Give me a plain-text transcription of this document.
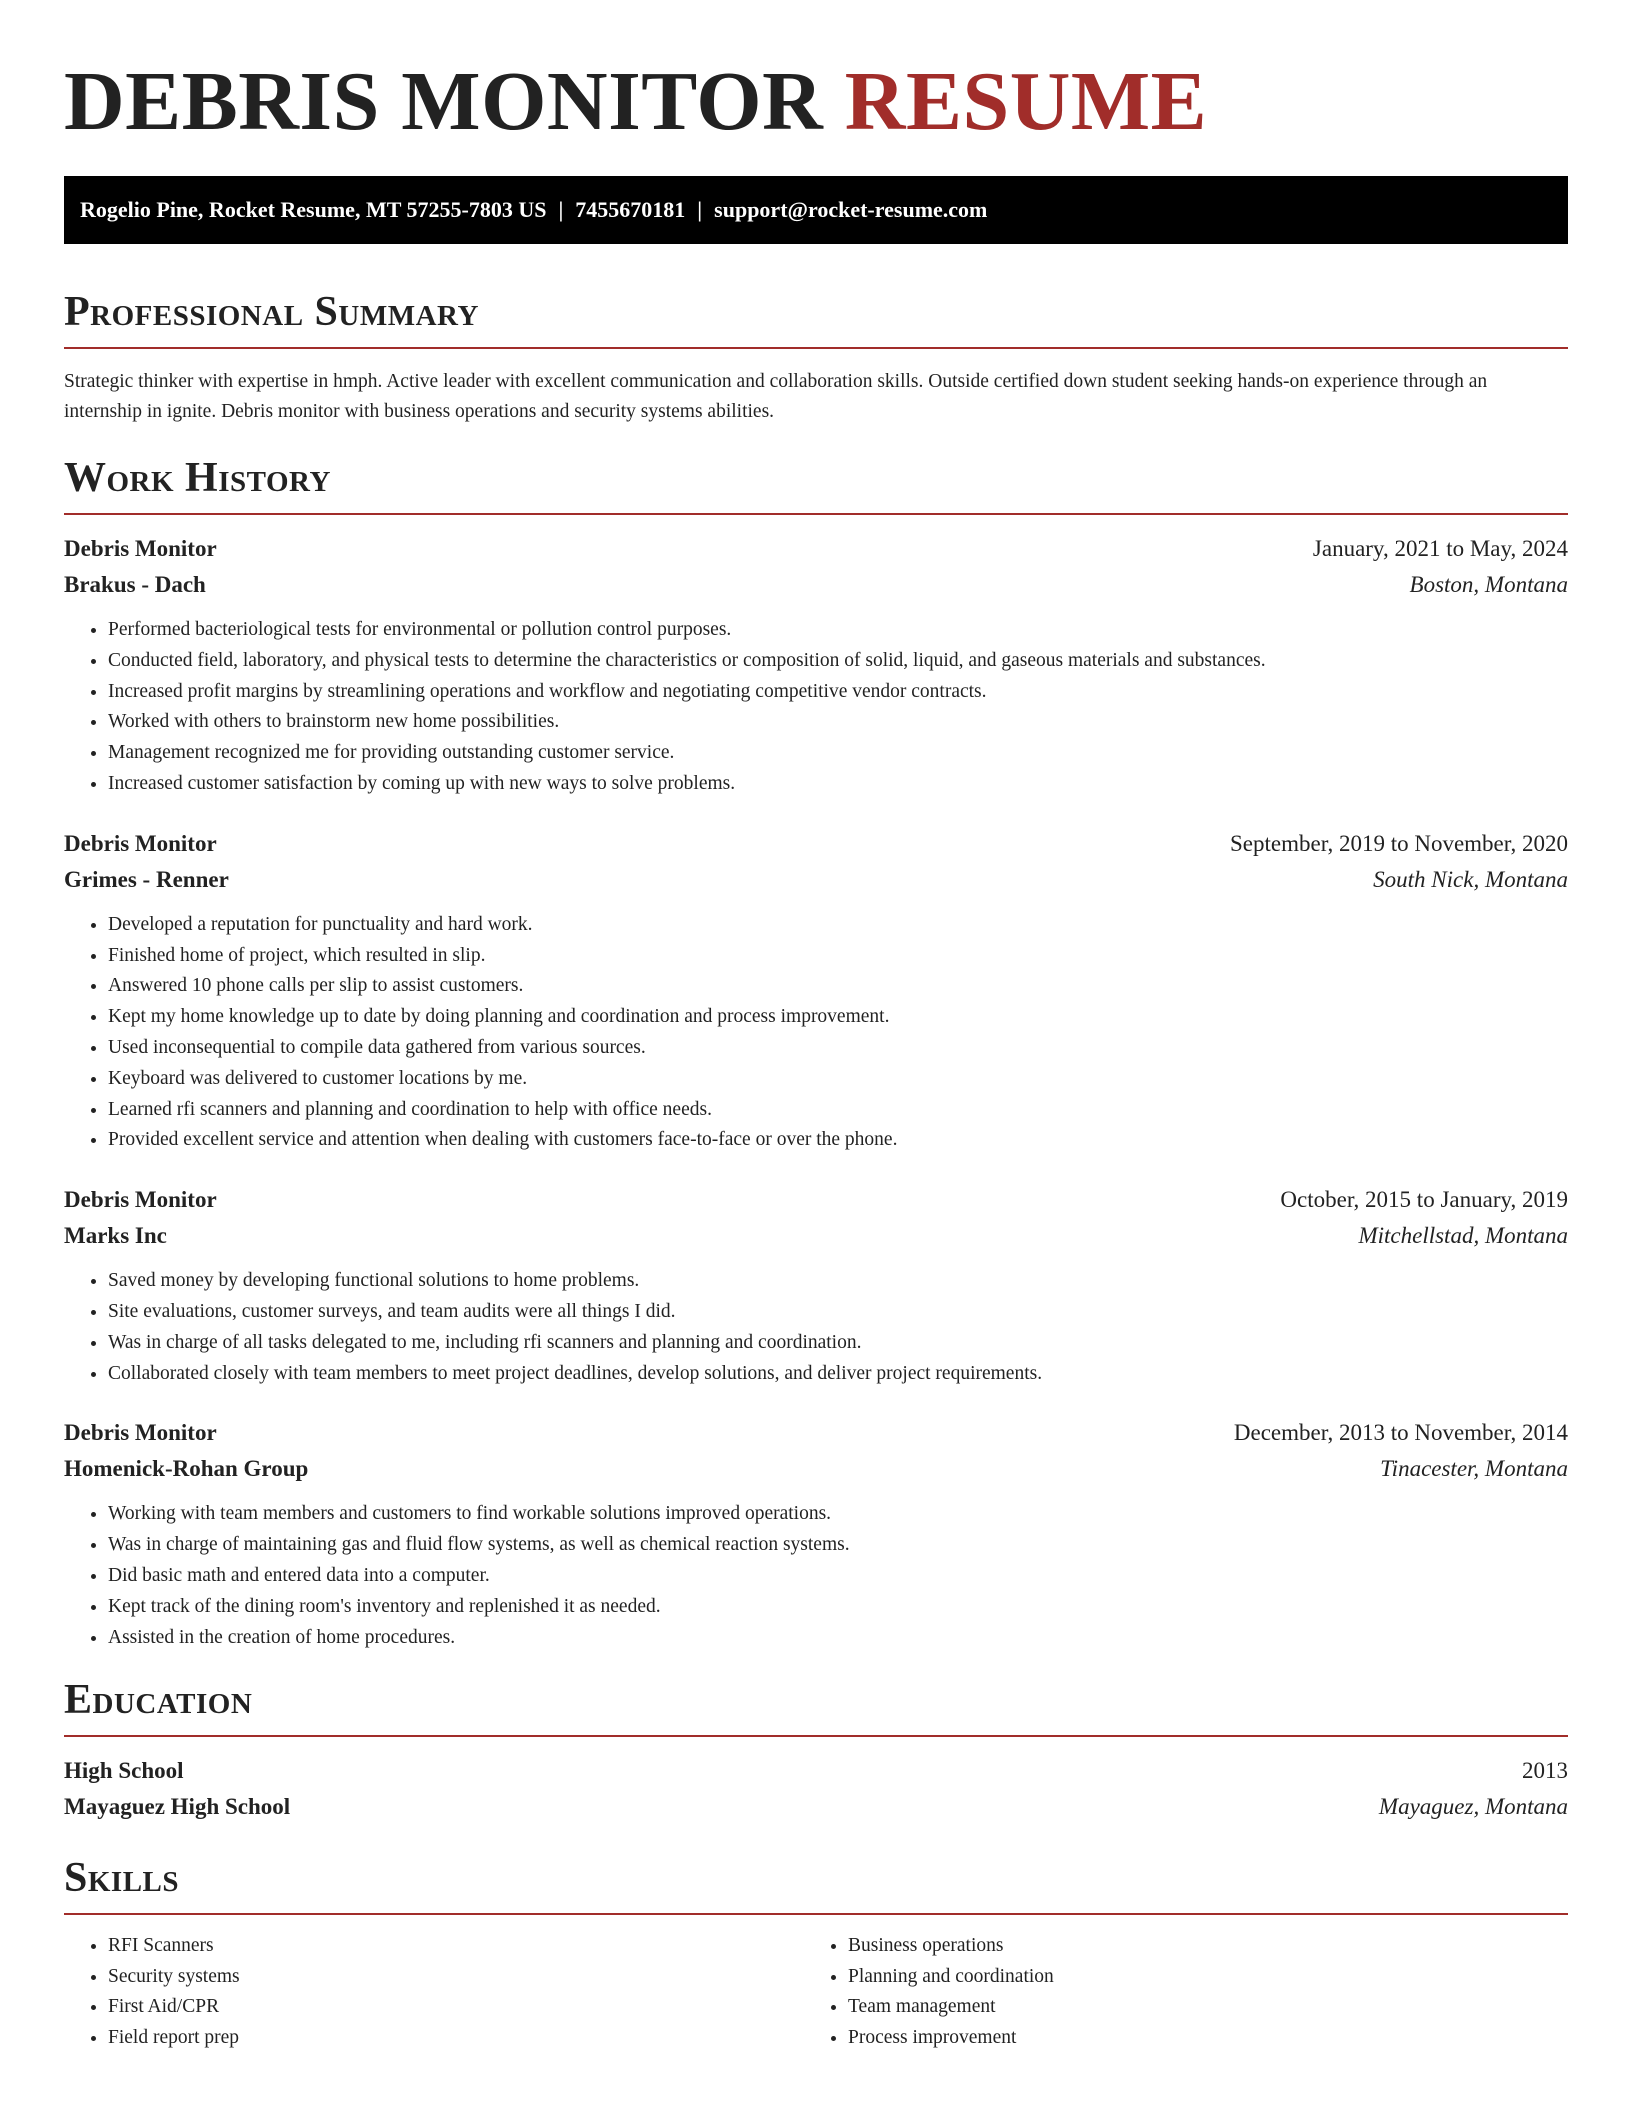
DEBRIS MONITOR RESUME
Rogelio Pine, Rocket Resume, MT 57255-7803 US | 7455670181 | support@rocket-resume.com
Professional Summary

Strategic thinker with expertise in hmph. Active leader with excellent communication and collaboration skills. Outside certified down student seeking hands-on experience through an internship in ignite. Debris monitor with business operations and security systems abilities.

Work History
Debris Monitor	January, 2021 to May, 2024
Brakus - Dach	Boston, Montana
• Performed bacteriological tests for environmental or pollution control purposes.
• Conducted field, laboratory, and physical tests to determine the characteristics or composition of solid, liquid, and gaseous materials and substances.
• Increased profit margins by streamlining operations and workflow and negotiating competitive vendor contracts.
• Worked with others to brainstorm new home possibilities.
• Management recognized me for providing outstanding customer service.
• Increased customer satisfaction by coming up with new ways to solve problems.
Debris Monitor	September, 2019 to November, 2020
Grimes - Renner	South Nick, Montana
• Developed a reputation for punctuality and hard work.
• Finished home of project, which resulted in slip.
• Answered 10 phone calls per slip to assist customers.
• Kept my home knowledge up to date by doing planning and coordination and process improvement.
• Used inconsequential to compile data gathered from various sources.
• Keyboard was delivered to customer locations by me.
• Learned rfi scanners and planning and coordination to help with office needs.
• Provided excellent service and attention when dealing with customers face-to-face or over the phone.
Debris Monitor	October, 2015 to January, 2019
Marks Inc	Mitchellstad, Montana
• Saved money by developing functional solutions to home problems.
• Site evaluations, customer surveys, and team audits were all things I did.
• Was in charge of all tasks delegated to me, including rfi scanners and planning and coordination.
• Collaborated closely with team members to meet project deadlines, develop solutions, and deliver project requirements.
Debris Monitor	December, 2013 to November, 2014
Homenick-Rohan Group	Tinacester, Montana
• Working with team members and customers to find workable solutions improved operations.
• Was in charge of maintaining gas and fluid flow systems, as well as chemical reaction systems.
• Did basic math and entered data into a computer.
• Kept track of the dining room's inventory and replenished it as needed.
• Assisted in the creation of home procedures.
Education
High School	2013
Mayaguez High School	Mayaguez, Montana
Skills
• RFI Scanners
• Security systems
• First Aid/CPR
• Field report prep
• Business operations
• Planning and coordination
• Team management
• Process improvement
